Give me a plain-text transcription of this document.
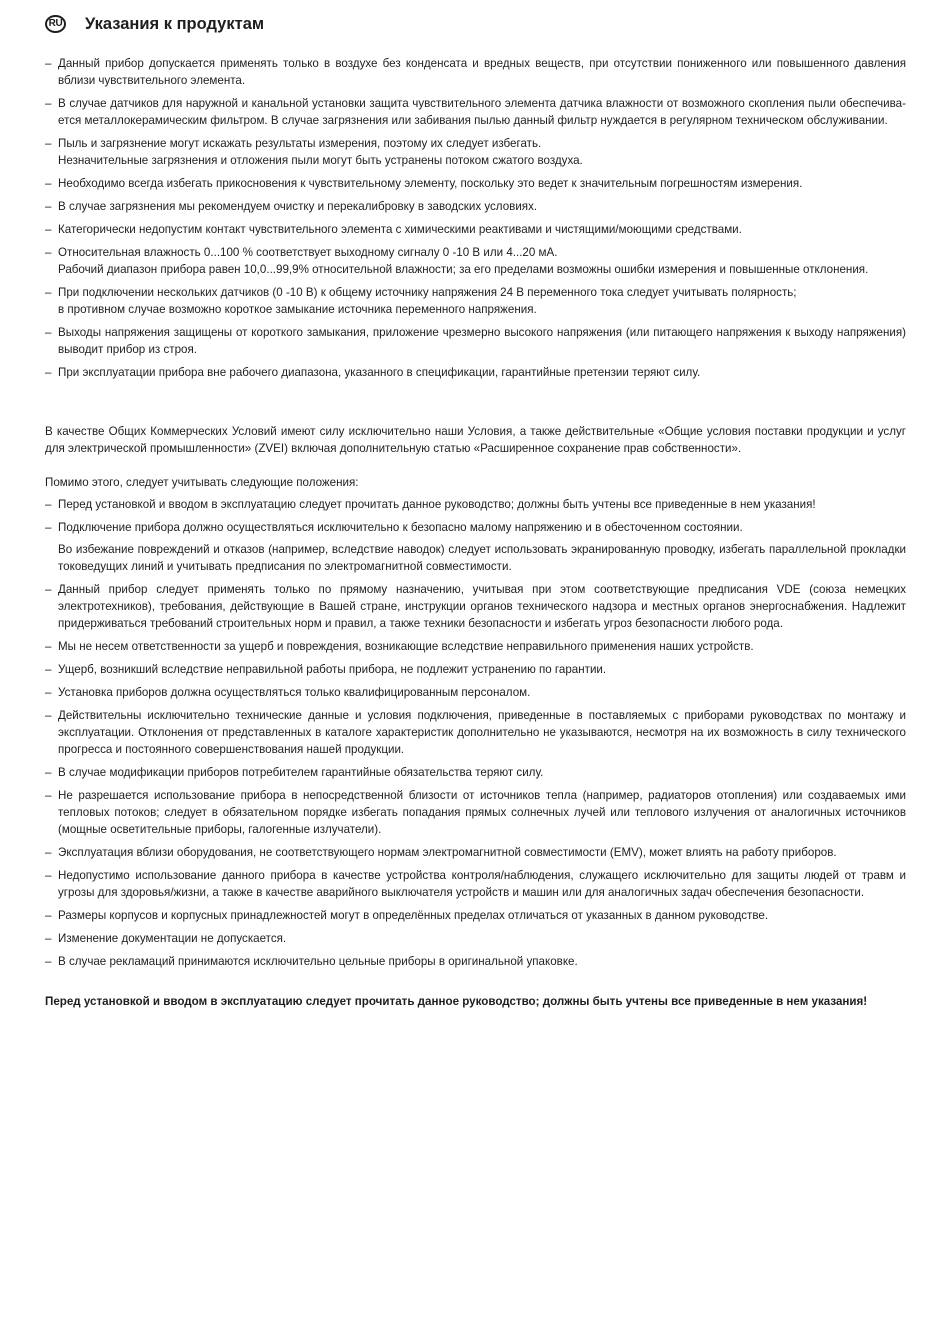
RU Указания к продуктам
– Данный прибор допускается применять только в воздухе без конденсата и вредных веществ, при отсутствии пониженного или повышенного давления вблизи чувствительного элемента.
– В случае датчиков для наружной и канальной установки защита чувствительного элемента датчика влажности от возможного скопления пыли обеспечива- ется металлокерамическим фильтром. В случае загрязнения или забивания пылью данный фильтр нуждается в регулярном техническом обслуживании.
– Пыль и загрязнение могут искажать результаты измерения, поэтому их следует избегать.
Незначительные загрязнения и отложения пыли могут быть устранены потоком сжатого воздуха.
– Необходимо всегда избегать прикосновения к чувствительному элементу, поскольку это ведет к значительным погрешностям измерения.
– В случае загрязнения мы рекомендуем очистку и перекалибровку в заводских условиях.
– Категорически недопустим контакт чувствительного элемента с химическими реактивами и чистящими/моющими средствами.
– Относительная влажность 0...100 % соответствует выходному сигналу 0 -10 В или 4...20 мА.
Рабочий диапазон прибора равен 10,0...99,9% относительной влажности; за его пределами возможны ошибки измерения и повышенные отклонения.
– При подключении нескольких датчиков (0 -10 В) к общему источнику напряжения 24 В переменного тока следует учитывать полярность;
в противном случае возможно короткое замыкание источника переменного напряжения.
– Выходы напряжения защищены от короткого замыкания, приложение чрезмерно высокого напряжения (или питающего напряжения к выходу напряжения) выводит прибор из строя.
– При эксплуатации прибора вне рабочего диапазона, указанного в спецификации, гарантийные претензии теряют силу.
В качестве Общих Коммерческих Условий имеют силу исключительно наши Условия, а также действительные «Общие условия поставки продукции и услуг для электрической промышленности» (ZVEI) включая дополнительную статью «Расширенное сохранение прав собственности».
Помимо этого, следует учитывать следующие положения:
– Перед установкой и вводом в эксплуатацию следует прочитать данное руководство; должны быть учтены все приведенные в нем указания!
– Подключение прибора должно осуществляться исключительно к безопасно малому напряжению и в обесточенном состоянии.
Во избежание повреждений и отказов (например, вследствие наводок) следует использовать экранированную проводку, избегать параллельной прокладки токоведущих линий и учитывать предписания по электромагнитной совместимости.
– Данный прибор следует применять только по прямому назначению, учитывая при этом соответствующие предписания VDE (союза немецких электротехников), требования, действующие в Вашей стране, инструкции органов технического надзора и местных органов энергоснабжения. Надлежит придерживаться требований строительных норм и правил, а также техники безопасности и избегать угроз безопасности любого рода.
– Мы не несем ответственности за ущерб и повреждения, возникающие вследствие неправильного применения наших устройств.
– Ущерб, возникший вследствие неправильной работы прибора, не подлежит устранению по гарантии.
– Установка приборов должна осуществляться только квалифицированным персоналом.
– Действительны исключительно технические данные и условия подключения, приведенные в поставляемых с приборами руководствах по монтажу и эксплуатации. Отклонения от представленных в каталоге характеристик дополнительно не указываются, несмотря на их возможность в силу технического прогресса и постоянного совершенствования нашей продукции.
– В случае модификации приборов потребителем гарантийные обязательства теряют силу.
– Не разрешается использование прибора в непосредственной близости от источников тепла (например, радиаторов отопления) или создаваемых ими тепловых потоков; следует в обязательном порядке избегать попадания прямых солнечных лучей или теплового излучения от аналогичных источников (мощные осветительные приборы, галогенные излучатели).
– Эксплуатация вблизи оборудования, не соответствующего нормам электромагнитной совместимости (EMV), может влиять на работу приборов.
– Недопустимо использование данного прибора в качестве устройства контроля/наблюдения, служащего исключительно для защиты людей от травм и угрозы для здоровья/жизни, а также в качестве аварийного выключателя устройств и машин или для аналогичных задач обеспечения безопасности.
– Размеры корпусов и корпусных принадлежностей могут в определённых пределах отличаться от указанных в данном руководстве.
– Изменение документации не допускается.
– В случае рекламаций принимаются исключительно цельные приборы в оригинальной упаковке.
Перед установкой и вводом в эксплуатацию следует прочитать данное руководство; должны быть учтены все приведенные в нем указания!
